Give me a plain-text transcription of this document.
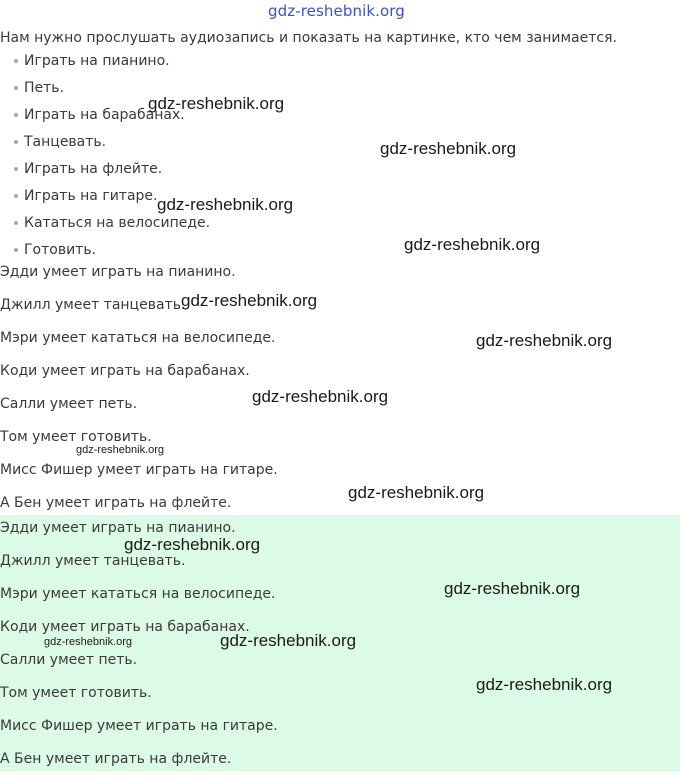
gdz-reshebnik.org
Нам нужно прослушать аудиозапись и показать на картинке, кто чем занимается.
Играть на пианино.
Петь.
Играть на барабанах.
Танцевать.
Играть на флейте.
Играть на гитаре.
Кататься на велосипеде.
Готовить.
Эдди умеет играть на пианино.
Джилл умеет танцевать.
Мэри умеет кататься на велосипеде.
Коди умеет играть на барабанах.
Салли умеет петь.
Том умеет готовить.
Мисс Фишер умеет играть на гитаре.
А Бен умеет играть на флейте.
Эдди умеет играть на пианино.
Джилл умеет танцевать.
Мэри умеет кататься на велосипеде.
Коди умеет играть на барабанах.
Салли умеет петь.
Том умеет готовить.
Мисс Фишер умеет играть на гитаре.
А Бен умеет играть на флейте.
gdz-reshebnik.org
gdz-reshebnik.org
gdz-reshebnik.org
gdz-reshebnik.org
gdz-reshebnik.org
gdz-reshebnik.org
gdz-reshebnik.org
gdz-reshebnik.org
gdz-reshebnik.org
gdz-reshebnik.org
gdz-reshebnik.org
gdz-reshebnik.org	gdz-reshebnik.org
gdz-reshebnik.org
